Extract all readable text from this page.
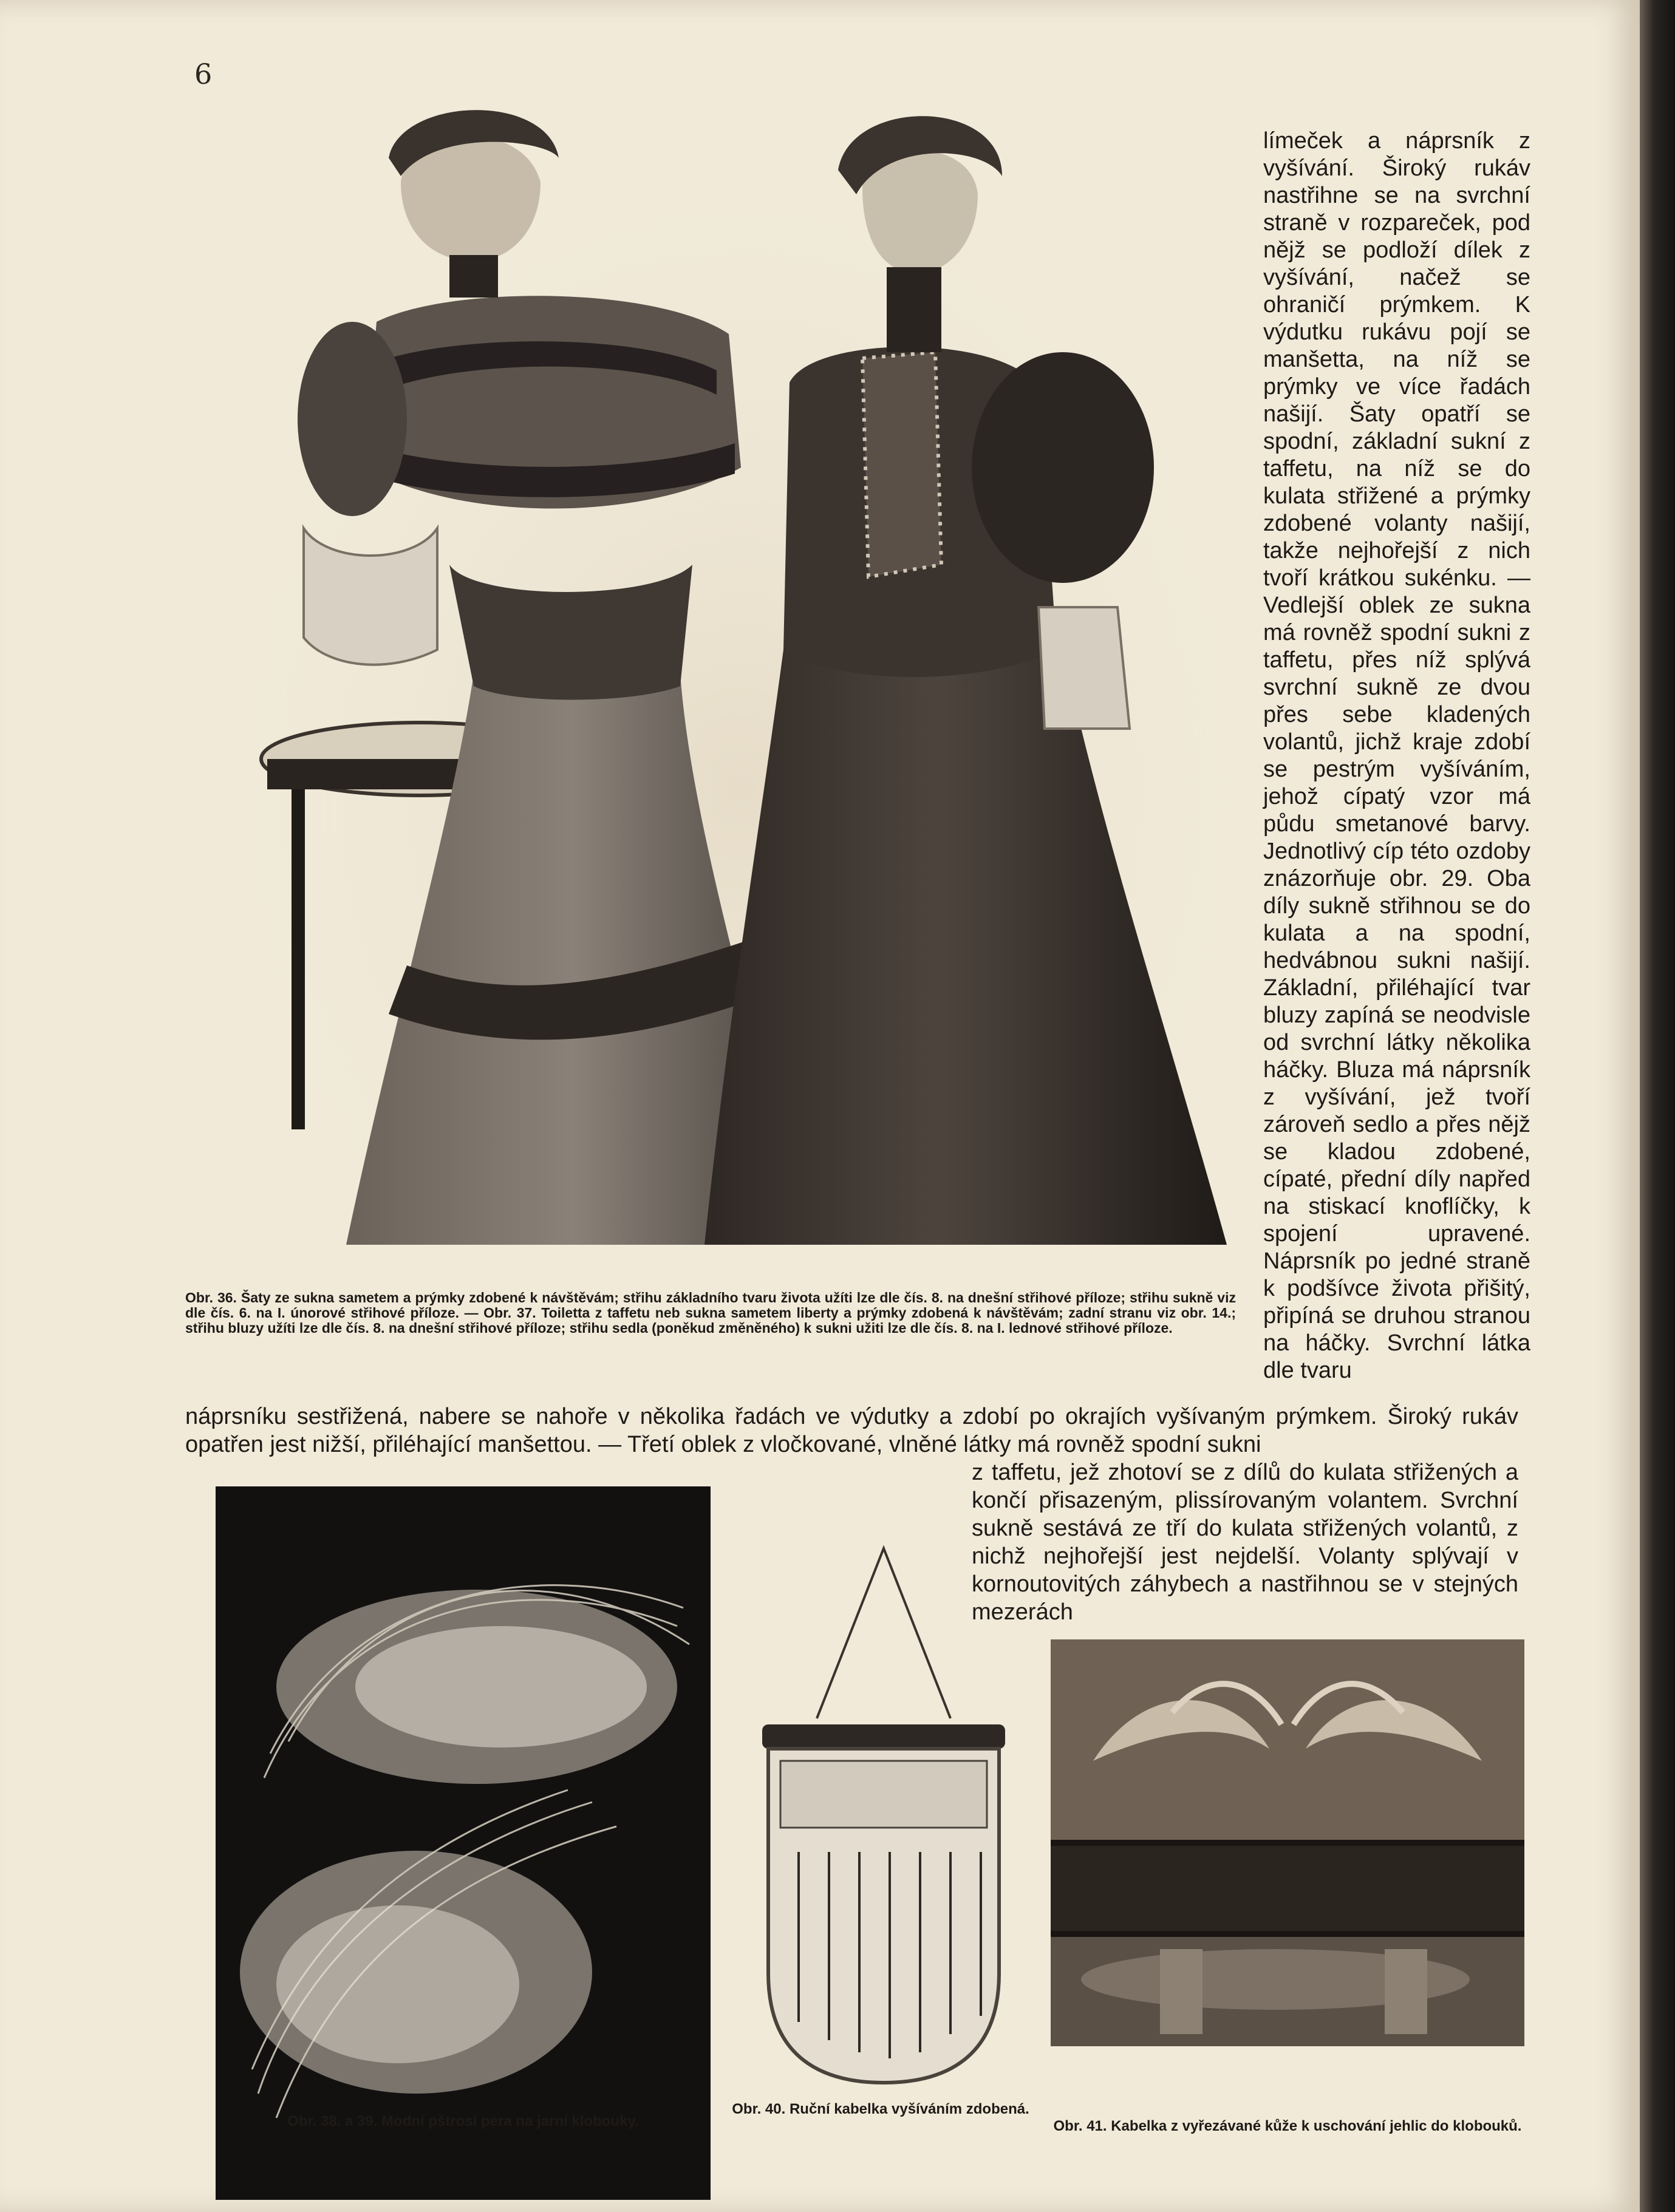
6

límeček a náprsník z vyšívání. Široký rukáv nastřihne se na svrchní straně v rozpareček, pod nějž se podloží dílek z vyšívání, načež se ohraničí prýmkem. K výdutku rukávu pojí se manšetta, na níž se prýmky ve více řadách našijí. Šaty opatří se spodní, základní sukní z taffetu, na níž se do kulata střižené a prýmky zdobené volanty našijí, takže nejhořejší z nich tvoří krátkou sukénku. — Vedlejší oblek ze sukna má rovněž spodní sukni z taffetu, přes níž splývá svrchní sukně ze dvou přes sebe kladených volantů, jichž kraje zdobí se pestrým vyšíváním, jehož cípatý vzor má půdu smetanové barvy. Jednotlivý cíp této ozdoby znázorňuje obr. 29. Oba díly sukně střihnou se do kulata a na spodní, hedvábnou sukni našijí. Základní, přiléhající tvar bluzy zapíná se neodvisle od svrchní látky několika háčky. Bluza má náprsník z vyšívání, jež tvoří zároveň sedlo a přes nějž se kladou zdobené, cípaté, přední díly napřed na stiskací knoflíčky, k spojení upravené. Náprsník po jedné straně k podšívce života přišitý, připíná se druhou stranou na háčky. Svrchní látka dle tvaru

Obr. 36. Šaty ze sukna sametem a prýmky zdobené k návštěvám; střihu základního tvaru života užíti lze dle čís. 8. na dnešní střihové příloze; střihu sukně viz dle čís. 6. na I. únorové střihové příloze. — Obr. 37. Toiletta z taffetu neb sukna sametem liberty a prýmky zdobená k návštěvám; zadní stranu viz obr. 14.; střihu bluzy užíti lze dle čís. 8. na dnešní střihové příloze; střihu sedla (poněkud změněného) k sukni užiti lze dle čís. 8. na I. lednové střihové příloze.

náprsníku sestřižená, nabere se nahoře v několika řadách ve výdutky a zdobí po okrajích vyšívaným prýmkem. Široký rukáv opatřen jest nižší, přiléhající manšettou. — Třetí oblek z vločkované, vlněné látky má rovněž spodní sukni

z taffetu, jež zhotoví se z dílů do kulata střižených a končí přisazeným, plissírovaným volantem. Svrchní sukně sestává ze tří do kulata střižených volantů, z nichž nejhořejší jest nejdelší. Volanty splývají v kornoutovitých záhybech a nastřihnou se v stejných mezerách

Obr. 38. a 39. Modní pštrosí pera na jarní klobouky.

Obr. 40. Ruční kabelka vyšíváním zdobená.

Obr. 41. Kabelka z vyřezávané kůže k uschování jehlic do klobouků.
